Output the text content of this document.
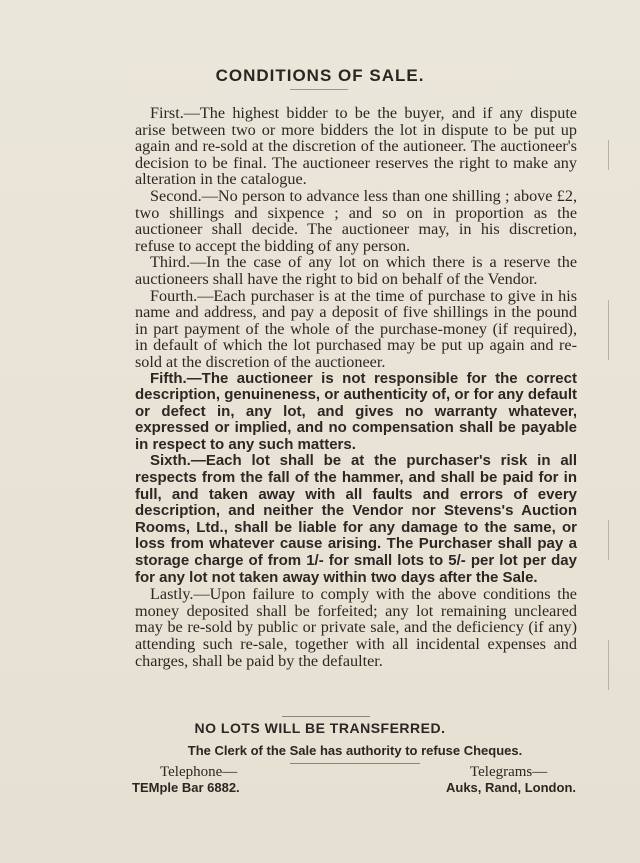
CONDITIONS OF SALE.

First.—The highest bidder to be the buyer, and if any dispute arise between two or more bidders the lot in dispute to be put up again and re-sold at the discretion of the autioneer. The auctioneer's decision to be final. The auctioneer reserves the right to make any alteration in the catalogue.

Second.—No person to advance less than one shilling ; above £2, two shillings and sixpence ; and so on in proportion as the auctioneer shall decide. The auctioneer may, in his discretion, refuse to accept the bidding of any person.

Third.—In the case of any lot on which there is a reserve the auctioneers shall have the right to bid on behalf of the Vendor.

Fourth.—Each purchaser is at the time of purchase to give in his name and address, and pay a deposit of five shillings in the pound in part payment of the whole of the purchase-money (if required), in default of which the lot purchased may be put up again and re-sold at the discretion of the auctioneer.

Fifth.—The auctioneer is not responsible for the correct description, genuineness, or authenticity of, or for any default or defect in, any lot, and gives no warranty whatever, expressed or implied, and no compensation shall be payable in respect to any such matters.

Sixth.—Each lot shall be at the purchaser's risk in all respects from the fall of the hammer, and shall be paid for in full, and taken away with all faults and errors of every description, and neither the Vendor nor Stevens's Auction Rooms, Ltd., shall be liable for any damage to the same, or loss from whatever cause arising. The Purchaser shall pay a storage charge of from 1/- for small lots to 5/- per lot per day for any lot not taken away within two days after the Sale.

Lastly.—Upon failure to comply with the above conditions the money deposited shall be forfeited; any lot remaining uncleared may be re-sold by public or private sale, and the deficiency (if any) attending such re-sale, together with all incidental expenses and charges, shall be paid by the defaulter.

NO LOTS WILL BE TRANSFERRED.
The Clerk of the Sale has authority to refuse Cheques.
Telephone—
TEMple Bar 6882.
Telegrams—
Auks, Rand, London.
